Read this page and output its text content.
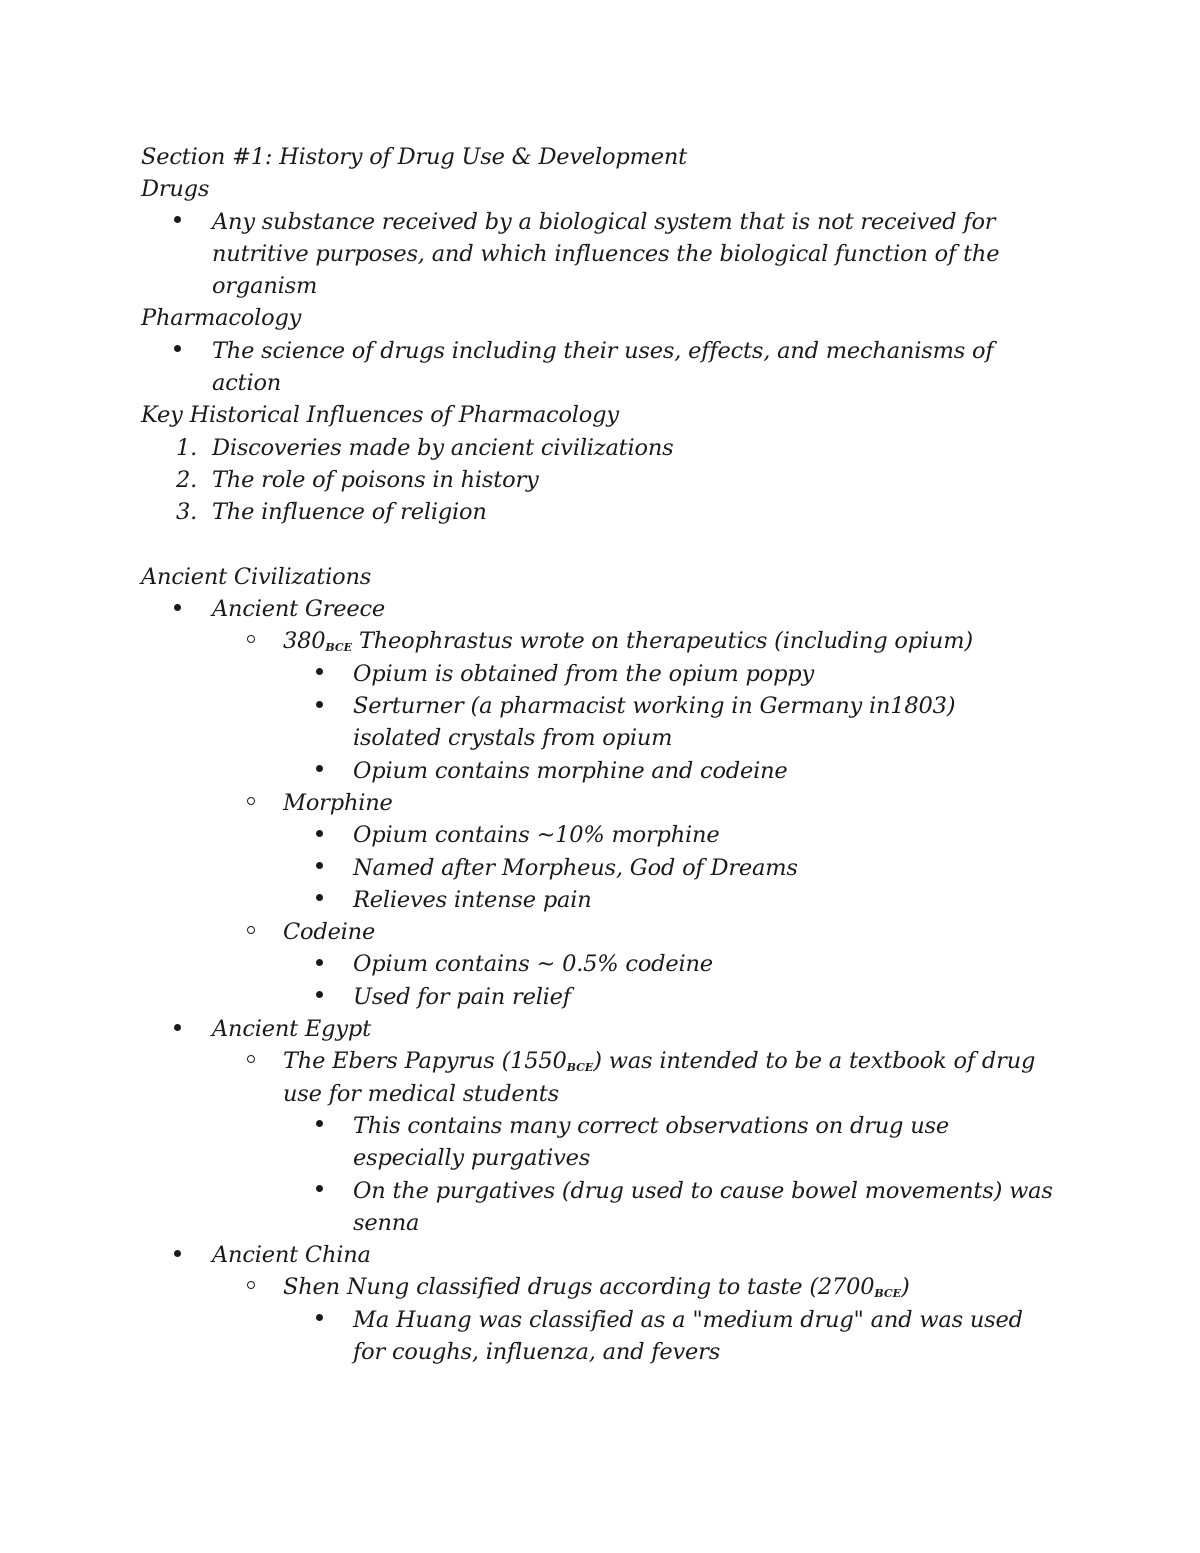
Section #1: History of Drug Use & Development
Drugs
Any substance received by a biological system that is not received for
nutritive purposes, and which influences the biological function of the
organism
Pharmacology
The science of drugs including their uses, effects, and mechanisms of
action
Key Historical Influences of Pharmacology
1. Discoveries made by ancient civilizations
2. The role of poisons in history
3. The influence of religion
Ancient Civilizations
Ancient Greece
$380_{BCE}$ Theophrastus wrote on therapeutics (including opium)
Opium is obtained from the opium poppy
Serturner (a pharmacist working in Germany in1803)
isolated crystals from opium
Opium contains morphine and codeine
Morphine
Opium contains ~10% morphine
Named after Morpheus, God of Dreams
Relieves intense pain
Codeine
Opium contains ~ 0.5% codeine
Used for pain relief
Ancient Egypt
The Ebers Papyrus $(1550_{BCE})$ was intended to be a textbook of drug
use for medical students
This contains many correct observations on drug use
especially purgatives
On the purgatives (drug used to cause bowel movements) was
senna
Ancient China
Shen Nung classified drugs according to taste $(2700_{BCE})$
Ma Huang was classified as a "medium drug" and was used
for coughs, influenza, and fevers
